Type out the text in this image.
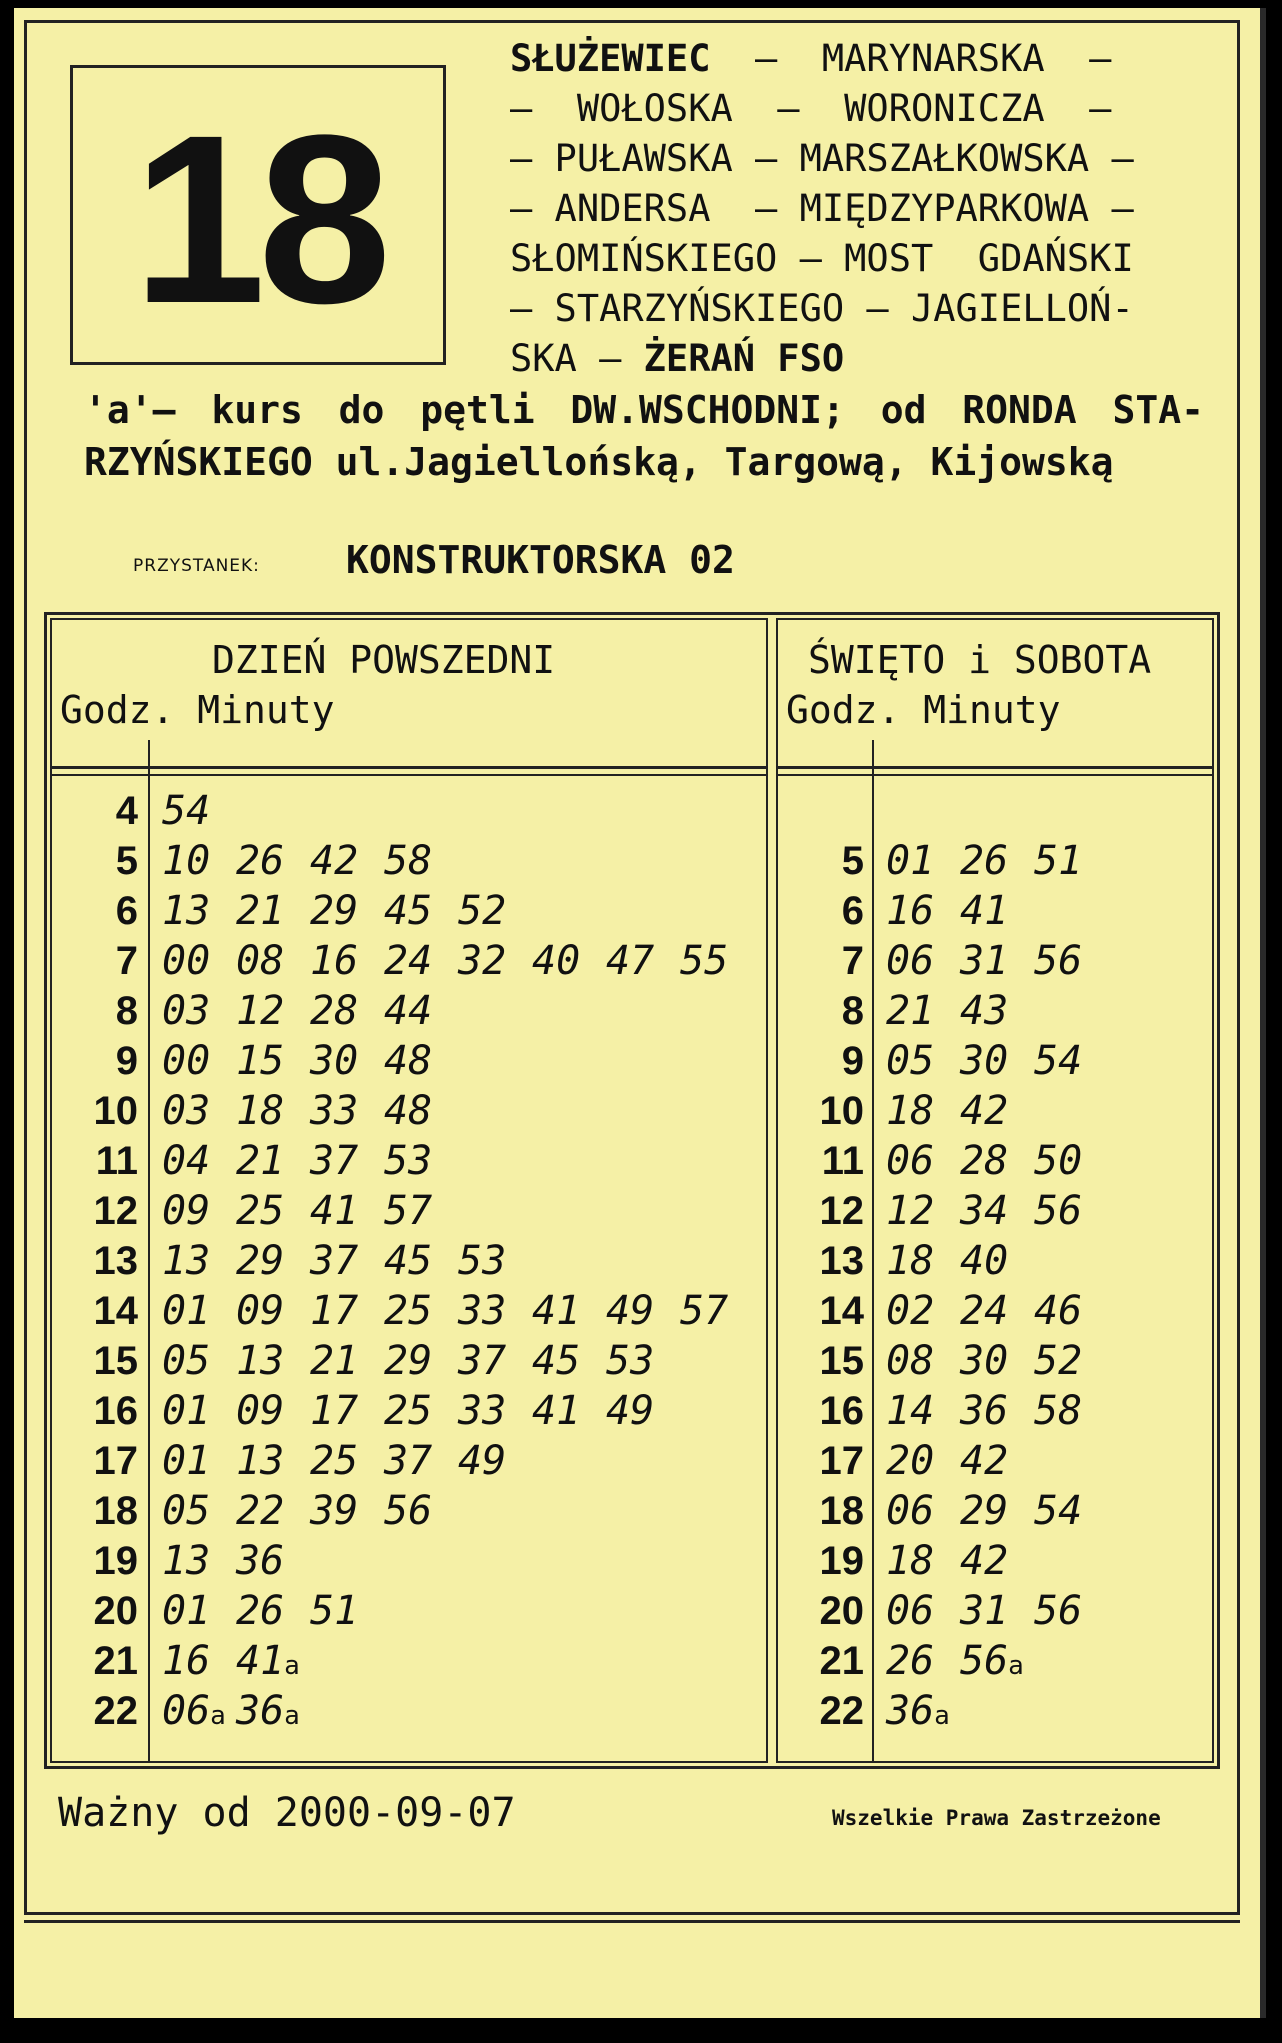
18
SŁUŻEWIEC  –  MARYNARSKA  –
–  WOŁOSKA  –  WORONICZA  –
– PUŁAWSKA – MARSZAŁKOWSKA –
– ANDERSA  – MIĘDZYPARKOWA –
SŁOMIŃSKIEGO – MOST  GDAŃSKI
– STARZYŃSKIEGO – JAGIELLOŃ-
SKA – ŻERAŃ FSO
'a'– kurs do pętli DW.WSCHODNI; od RONDA STA-
RZYŃSKIEGO ul.Jagiellońską, Targową, Kijowską
PRZYSTANEK: KONSTRUKTORSKA 02
DZIEŃ POWSZEDNI
Godz. Minuty
4 54
5 10 26 42 58
6 13 21 29 45 52
7 00 08 16 24 32 40 47 55
8 03 12 28 44
9 00 15 30 48
10 03 18 33 48
11 04 21 37 53
12 09 25 41 57
13 13 29 37 45 53
14 01 09 17 25 33 41 49 57
15 05 13 21 29 37 45 53
16 01 09 17 25 33 41 49
17 01 13 25 37 49
18 05 22 39 56
19 13 36
20 01 26 51
21 16 41a
22 06a 36a
ŚWIĘTO i SOBOTA
Godz. Minuty
5 01 26 51
6 16 41
7 06 31 56
8 21 43
9 05 30 54
10 18 42
11 06 28 50
12 12 34 56
13 18 40
14 02 24 46
15 08 30 52
16 14 36 58
17 20 42
18 06 29 54
19 18 42
20 06 31 56
21 26 56a
22 36a
Ważny od 2000-09-07	Wszelkie Prawa Zastrzeżone
